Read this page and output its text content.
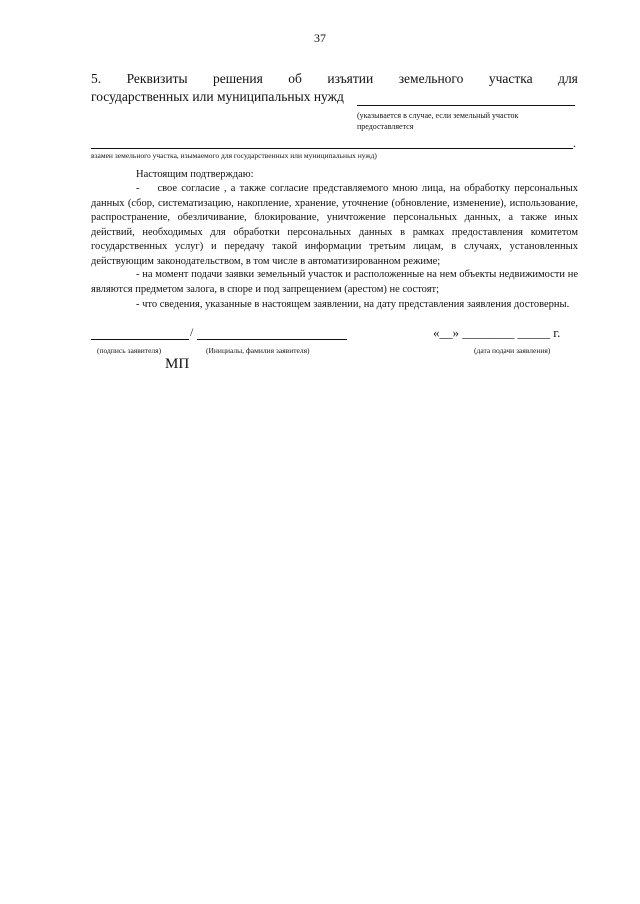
37
5. Реквизиты решения об изъятии земельного участка для
государственных или муниципальных нужд
(указывается в случае, если земельный участок предоставляется
.
взамен земельного участка, изымаемого для государственных или муниципальных нужд)
Настоящим подтверждаю:
- свое согласие , а также согласие представляемого мною лица, на обработку персональных данных (сбор, систематизацию, накопление, хранение, уточнение (обновление, изменение), использование, распространение, обезличивание, блокирование, уничтожение персональных данных, а также иных действий, необходимых для обработки персональных данных в рамках предоставления комитетом государственных услуг) и передачу такой информации третьим лицам, в случаях, установленных действующим законодательством, в том числе в автоматизированном режиме;
- на момент подачи заявки земельный участок и расположенные на нем объекты недвижимости не являются предметом залога, в споре и под запрещением (арестом) не состоят;
- что сведения, указанные в настоящем заявлении, на дату представления заявления достоверны.
/
(подпись заявителя)	(Инициалы, фамилия заявителя)
«__» ________ _____ г.
(дата подачи заявления)
МП
